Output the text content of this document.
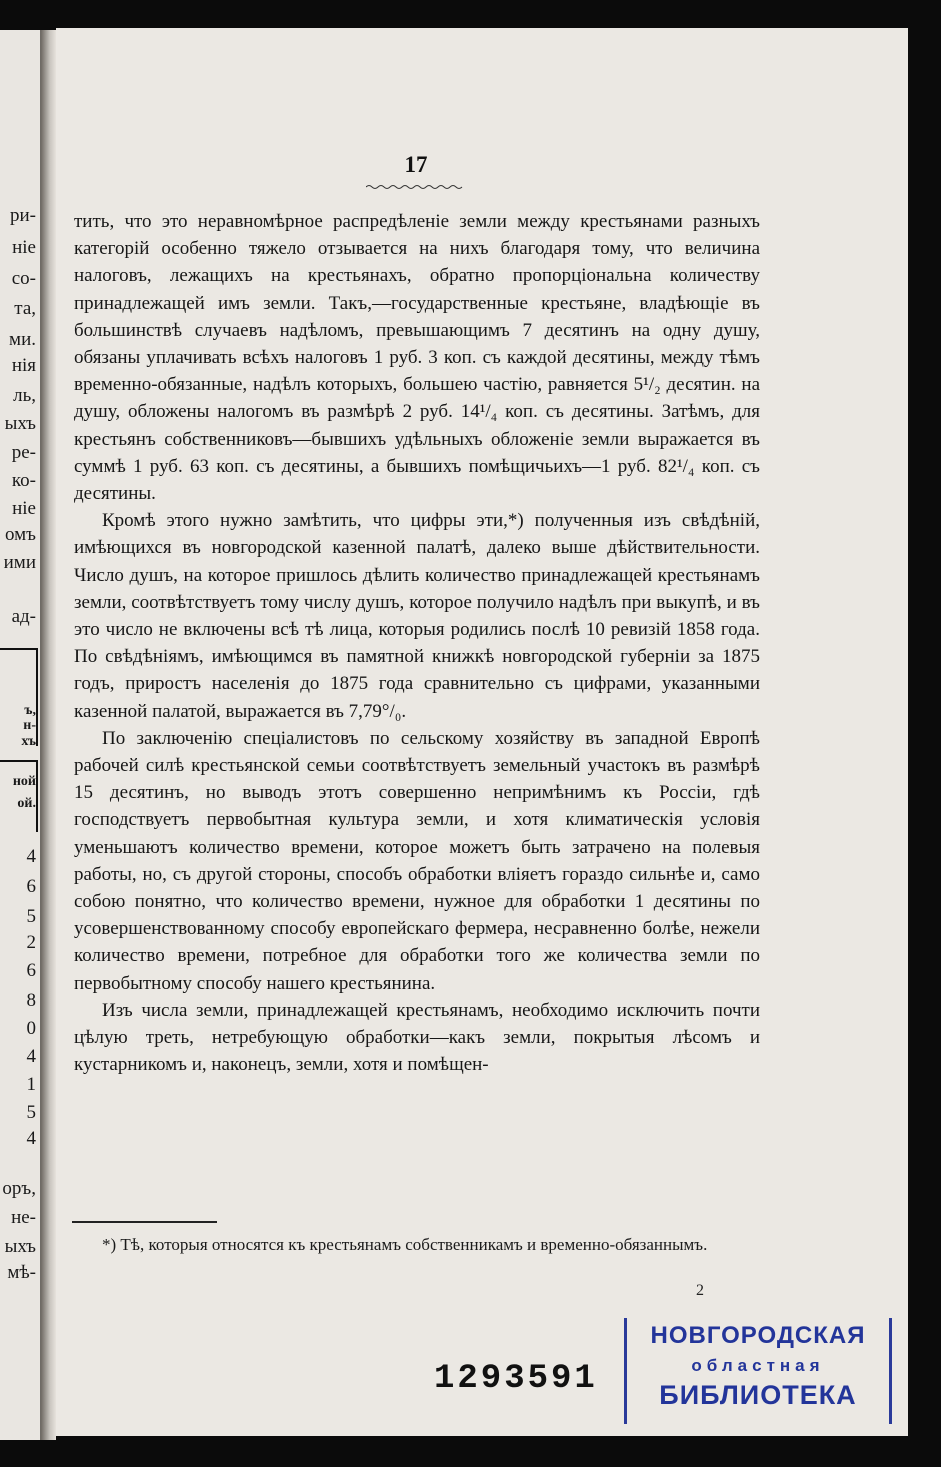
ри-
ніе
со-
та,
ми.
нія
ль,
ыхъ
ре-
ко-
ніе
омъ
ими
ад-
ъ,
н-
хъ
ной
ой.
4
6
5
2
6
8
0
4
1
5
4
оръ,
не-
ыхъ
мѣ-
17

тить, что это неравномѣрное распредѣленіе земли между крестьянами разныхъ категорій особенно тяжело отзывается на нихъ благодаря тому, что величина налоговъ, лежащихъ на крестьянахъ, обратно пропорціональна количеству принадлежащей имъ земли. Такъ,—государственные крестьяне, владѣющіе въ большинствѣ случаевъ надѣломъ, превышающимъ 7 десятинъ на одну душу, обязаны уплачивать всѣхъ налоговъ 1 руб. 3 коп. съ каждой десятины, между тѣмъ временно-обязанные, надѣлъ которыхъ, большею частію, равняется 5¹/₂ десятин. на душу, обложены налогомъ въ размѣрѣ 2 руб. 14¹/₄ коп. съ десятины. Затѣмъ, для крестьянъ собственниковъ—бывшихъ удѣльныхъ обложеніе земли выражается въ суммѣ 1 руб. 63 коп. съ десятины, а бывшихъ помѣщичьихъ—1 руб. 82¹/₄ коп. съ десятины.

Кромѣ этого нужно замѣтить, что цифры эти,*) полученныя изъ свѣдѣній, имѣющихся въ новгородской казенной палатѣ, далеко выше дѣйствительности. Число душъ, на которое пришлось дѣлить количество принадлежащей крестьянамъ земли, соотвѣтствуетъ тому числу душъ, которое получило надѣлъ при выкупѣ, и въ это число не включены всѣ тѣ лица, которыя родились послѣ 10 ревизій 1858 года. По свѣдѣніямъ, имѣющимся въ памятной книжкѣ новгородской губерніи за 1875 годъ, приростъ населенія до 1875 года сравнительно съ цифрами, указанными казенной палатой, выражается въ 7,79°/₀.

По заключенію спеціалистовъ по сельскому хозяйству въ западной Европѣ рабочей силѣ крестьянской семьи соотвѣтствуетъ земельный участокъ въ размѣрѣ 15 десятинъ, но выводъ этотъ совершенно непримѣнимъ къ Россіи, гдѣ господствуетъ первобытная культура земли, и хотя климатическія условія уменьшаютъ количество времени, которое можетъ быть затрачено на полевыя работы, но, съ другой стороны, способъ обработки вліяетъ гораздо сильнѣе и, само собою понятно, что количество времени, нужное для обработки 1 десятины по усовершенствованному способу европейскаго фермера, несравненно болѣе, нежели количество времени, потребное для обработки того же количества земли по первобытному способу нашего крестьянина.

Изъ числа земли, принадлежащей крестьянамъ, необходимо исключить почти цѣлую треть, нетребующую обработки—какъ земли, покрытыя лѣсомъ и кустарникомъ и, наконецъ, земли, хотя и помѣщен-

*) Тѣ, которыя относятся къ крестьянамъ собственникамъ и временно-обязаннымъ.
2
1293591
НОВГОРОДСКАЯ
областная
БИБЛИОТЕКА
